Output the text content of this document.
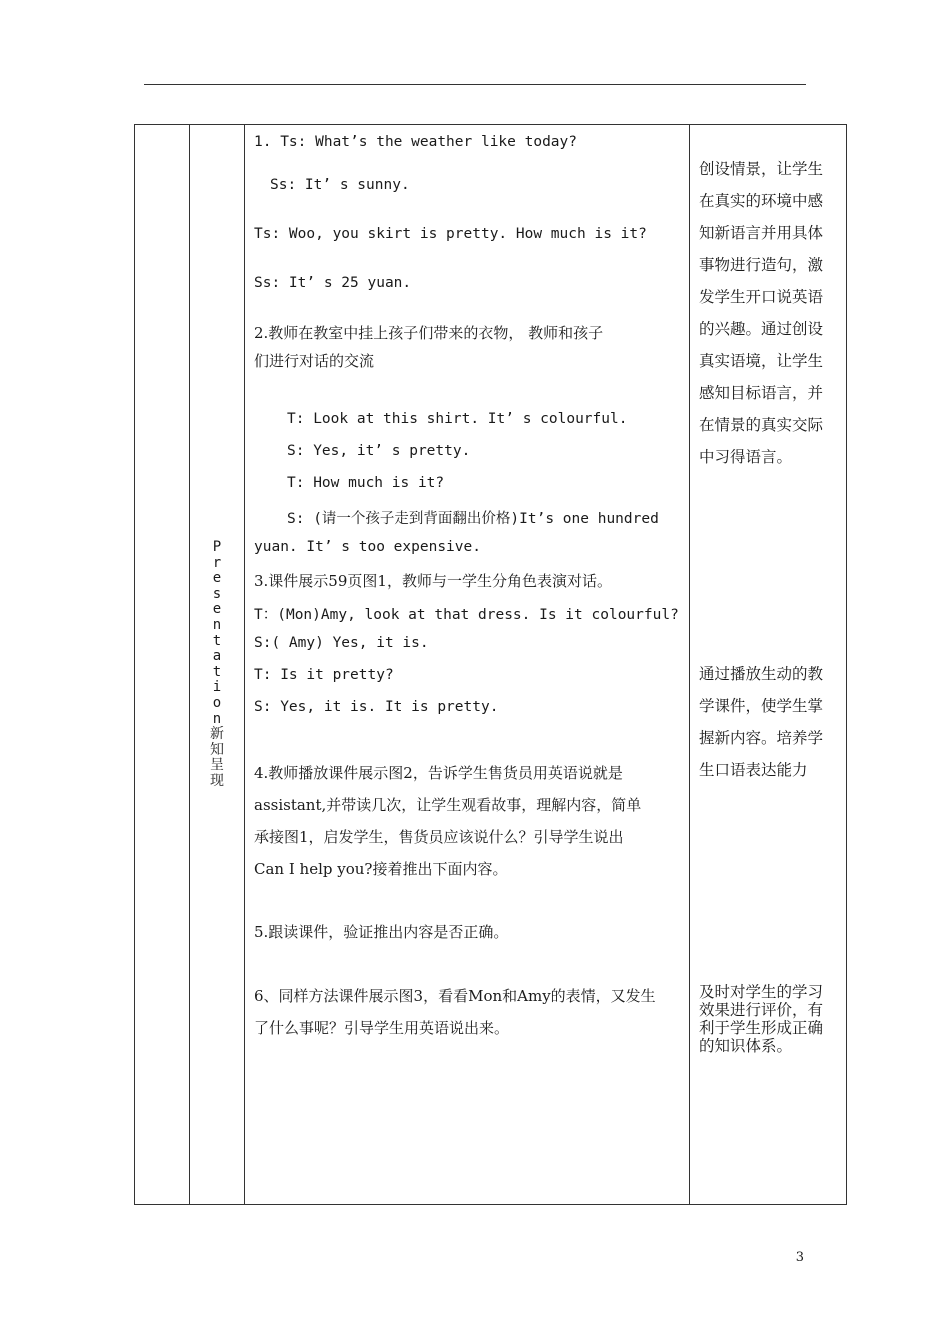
Presentation
新知呈现
1. Ts: What’s the weather like today?
Ss: It’ s sunny.
Ts: Woo, you skirt is pretty. How much is it?
Ss: It’ s 25 yuan.
2.教师在教室中挂上孩子们带来的衣物， 教师和孩子
们进行对话的交流
T: Look at this shirt. It’ s colourful.
S: Yes, it’ s pretty.
T: How much is it?
S: (请一个孩子走到背面翻出价格)It’s one hundred
yuan. It’ s too expensive.
3.课件展示59页图1，教师与一学生分角色表演对话。
T：(Mon)Amy, look at that dress. Is it colourful?
S:( Amy) Yes, it is.
T: Is it pretty?
S: Yes, it is. It is pretty.
4.教师播放课件展示图2，告诉学生售货员用英语说就是
assistant,并带读几次，让学生观看故事，理解内容，简单
承接图1，启发学生，售货员应该说什么？引导学生说出
Can I help you?接着推出下面内容。
5.跟读课件，验证推出内容是否正确。
6、同样方法课件展示图3，看看Mon和Amy的表情，又发生
了什么事呢？引导学生用英语说出来。
创设情景，让学生
在真实的环境中感
知新语言并用具体
事物进行造句，激
发学生开口说英语
的兴趣。通过创设
真实语境，让学生
感知目标语言，并
在情景的真实交际
中习得语言。
通过播放生动的教
学课件，使学生掌
握新内容。培养学
生口语表达能力
及时对学生的学习
效果进行评价，有
利于学生形成正确
的知识体系。
3
